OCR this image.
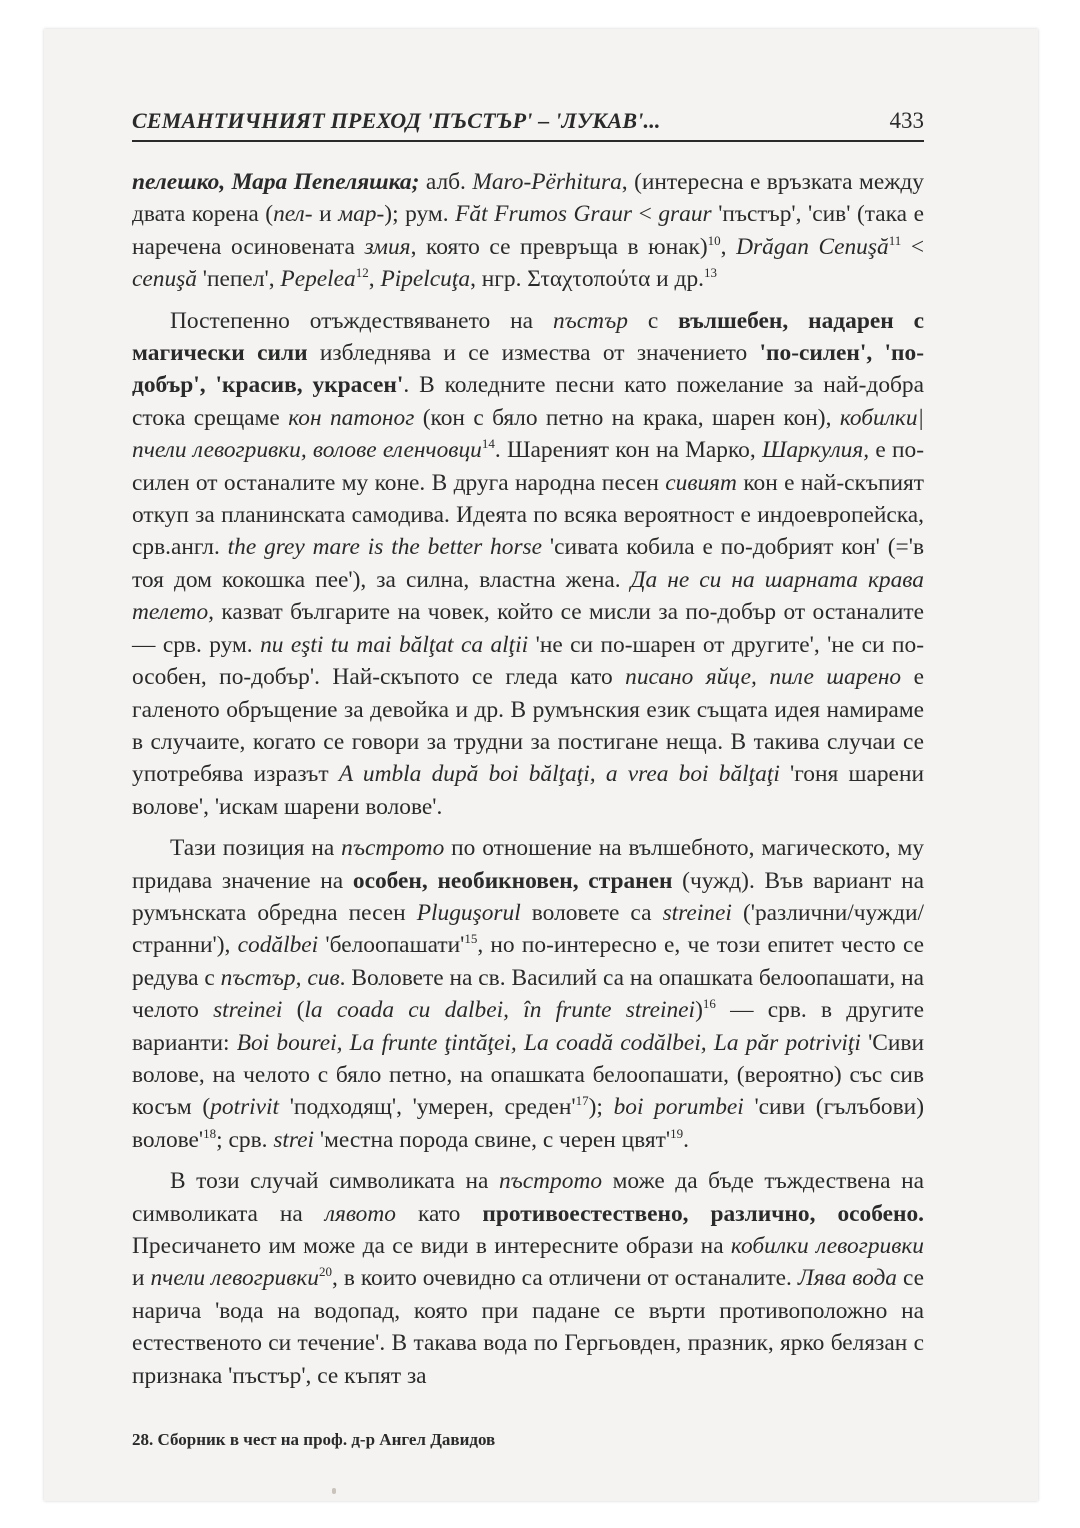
СЕМАНТИЧНИЯТ ПРЕХОД 'ПЪСТЪР' – 'ЛУКАВ'...	433

пелешко, Мара Пепеляшка; алб. Maro-Përhitura, (интересна е връзката между двата корена (пел- и мар-); рум. Făt Frumos Graur < graur 'пъстър', 'сив' (така е наречена осиновената змия, която се превръща в юнак)$^{10}$, Drăgan Cenuşă$^{11}$ < cenuşă 'пепел', Pepelea$^{12}$, Pipelcuţa, нгр. Σταχτοπούτα и др.$^{13}$

Постепенно отъждествяването на пъстър с вълшебен, надарен с магически сили избледнява и се измества от значението 'по-силен', 'по-добър', 'красив, украсен'. В коледните песни като пожелание за най-добра стока срещаме кон патоног (кон с бяло петно на крака, шарен кон), кобилки|пчели левогривки, волове еленчовци$^{14}$. Шареният кон на Марко, Шаркулия, е по-силен от останалите му коне. В друга народна песен сивият кон е най-скъпият откуп за планинската самодива. Идеята по всяка вероятност е индоевропейска, срв.англ. the grey mare is the better horse 'сивата кобила е по-добрият кон' (='в тоя дом кокошка пее'), за силна, властна жена. Да не си на шарната крава телето, казват българите на човек, който се мисли за по-добър от останалите — срв. рум. nu eşti tu mai bălţat ca alţii 'не си по-шарен от другите', 'не си по-особен, по-добър'. Най-скъпото се гледа като писано яйце, пиле шарено е галеното обръщение за девойка и др. В румънския език същата идея намираме в случаите, когато се говори за трудни за постигане неща. В такива случаи се употребява изразът A umbla după boi bălţaţi, a vrea boi bălţaţi 'гоня шарени волове', 'искам шарени волове'.

Тази позиция на пъстрото по отношение на вълшебното, магическото, му придава значение на особен, необикновен, странен (чужд). Във вариант на румънската обредна песен Pluguşorul воловете са streinei ('различни/чужди/странни'), codălbei '$белоопашати'^{15}$, но по-интересно е, че този епитет често се редува с пъстър, сив. Воловете на св. Василий са на опашката белоопашати, на челото streinei (la coada cu dalbei, în frunte streinei)$^{16}$ — срв. в другите варианти: Boi bourei, La frunte ţintăţei, La coadă codălbei, La păr potriviţi 'Сиви волове, на челото с бяло петно, на опашката белоопашати, (вероятно) със сив косъм (potrivit 'подходящ', 'умерен, $среден'^{17}$); boi porumbei 'сиви (гълъбови) $волове'^{18}$; срв. strei 'местна порода свине, с черен $цвят'^{19}$.

В този случай символиката на пъстрото може да бъде тъждествена на символиката на лявото като противоестествено, различно, особено. Пресичането им може да се види в интересните образи на кобилки левогривки и пчели левогривки$^{20}$, в които очевидно са отличени от останалите. Лява вода се нарича 'вода на водопад, която при падане се върти противоположно на естественото си течение'. В такава вода по Гергьовден, празник, ярко белязан с признака 'пъстър', се къпят за

28. Сборник в чест на проф. д-р Ангел Давидов
